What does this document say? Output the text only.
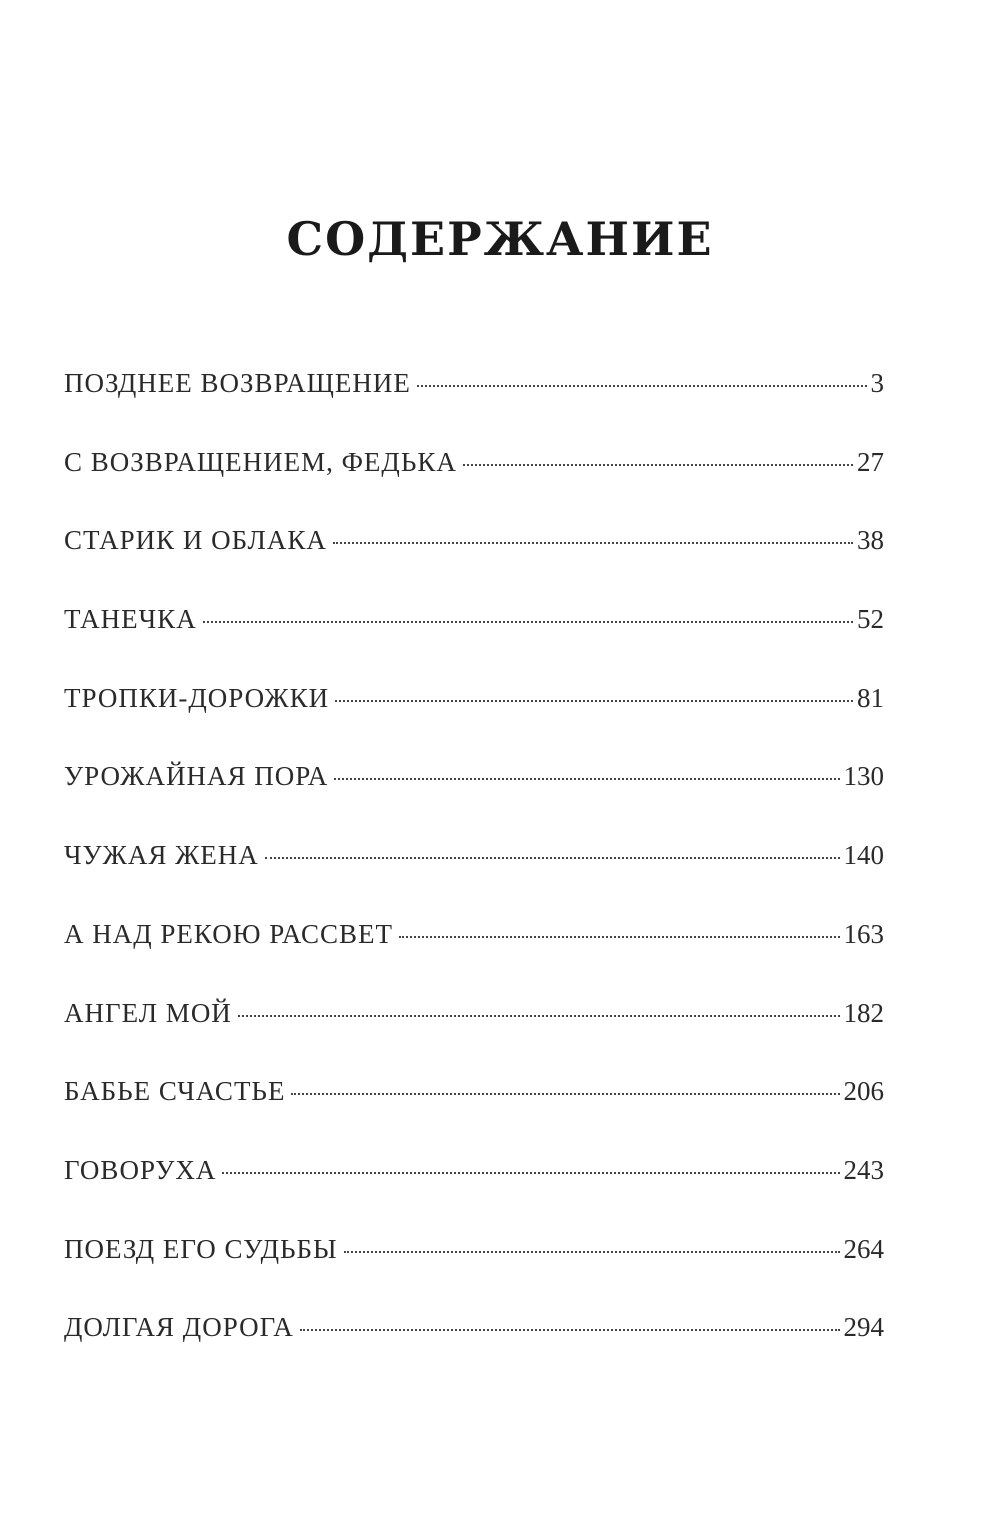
СОДЕРЖАНИЕ
ПОЗДНЕЕ ВОЗВРАЩЕНИЕ	3
С ВОЗВРАЩЕНИЕМ, ФЕДЬКА	27
СТАРИК И ОБЛАКА	38
ТАНЕЧКА	52
ТРОПКИ-ДОРОЖКИ	81
УРОЖАЙНАЯ ПОРА	130
ЧУЖАЯ ЖЕНА	140
А НАД РЕКОЮ РАССВЕТ	163
АНГЕЛ МОЙ	182
БАБЬЕ СЧАСТЬЕ	206
ГОВОРУХА	243
ПОЕЗД ЕГО СУДЬБЫ	264
ДОЛГАЯ ДОРОГА	294
